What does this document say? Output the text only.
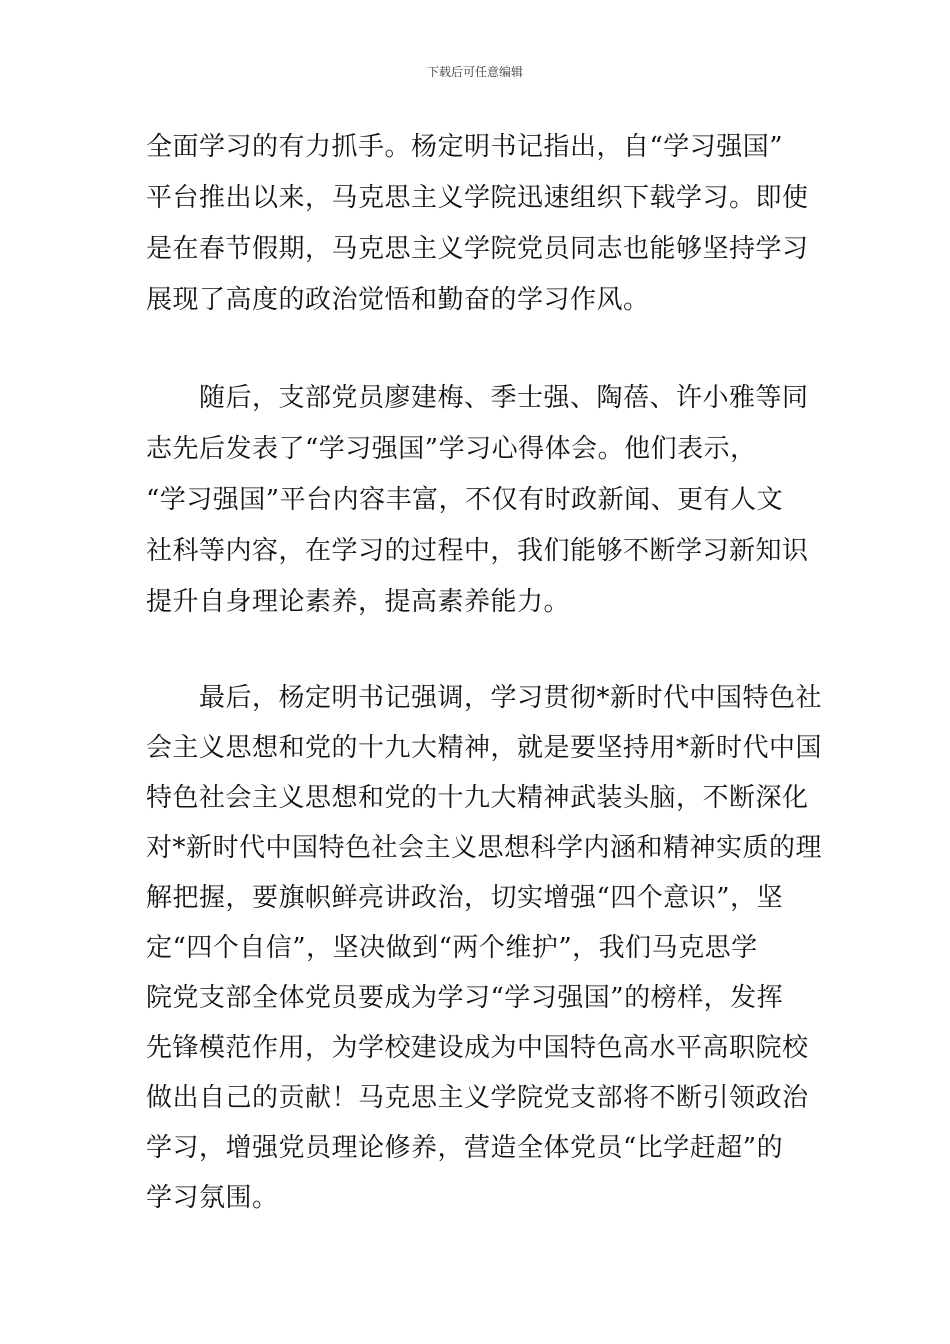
下载后可任意编辑
全面学习的有力抓手。杨定明书记指出，自“学习强国”
平台推出以来，马克思主义学院迅速组织下载学习。即使
是在春节假期，马克思主义学院党员同志也能够坚持学习
展现了高度的政治觉悟和勤奋的学习作风。
　　随后，支部党员廖建梅、季士强、陶蓓、许小雅等同
志先后发表了“学习强国”学习心得体会。他们表示，
“学习强国”平台内容丰富，不仅有时政新闻、更有人文
社科等内容，在学习的过程中，我们能够不断学习新知识
提升自身理论素养，提高素养能力。
　　最后，杨定明书记强调，学习贯彻*新时代中国特色社
会主义思想和党的十九大精神，就是要坚持用*新时代中国
特色社会主义思想和党的十九大精神武装头脑，不断深化
对*新时代中国特色社会主义思想科学内涵和精神实质的理
解把握，要旗帜鲜亮讲政治，切实增强“四个意识”，坚
定“四个自信”，坚决做到“两个维护”，我们马克思学
院党支部全体党员要成为学习“学习强国”的榜样，发挥
先锋模范作用，为学校建设成为中国特色高水平高职院校
做出自己的贡献！马克思主义学院党支部将不断引领政治
学习，增强党员理论修养，营造全体党员“比学赶超”的
学习氛围。
